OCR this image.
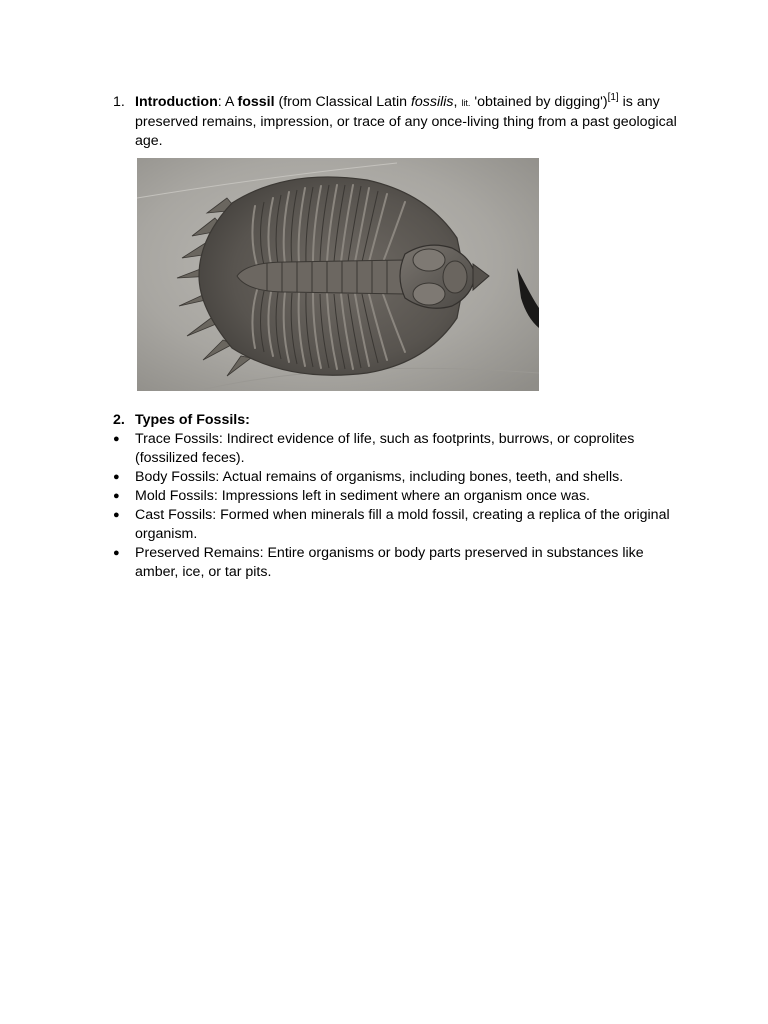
1. Introduction: A fossil (from Classical Latin fossilis, lit. 'obtained by digging')[1] is any preserved remains, impression, or trace of any once-living thing from a past geological age.
2. Types of Fossils:
● Trace Fossils: Indirect evidence of life, such as footprints, burrows, or coprolites (fossilized feces).
● Body Fossils: Actual remains of organisms, including bones, teeth, and shells.
● Mold Fossils: Impressions left in sediment where an organism once was.
● Cast Fossils: Formed when minerals fill a mold fossil, creating a replica of the original organism.
● Preserved Remains: Entire organisms or body parts preserved in substances like amber, ice, or tar pits.
